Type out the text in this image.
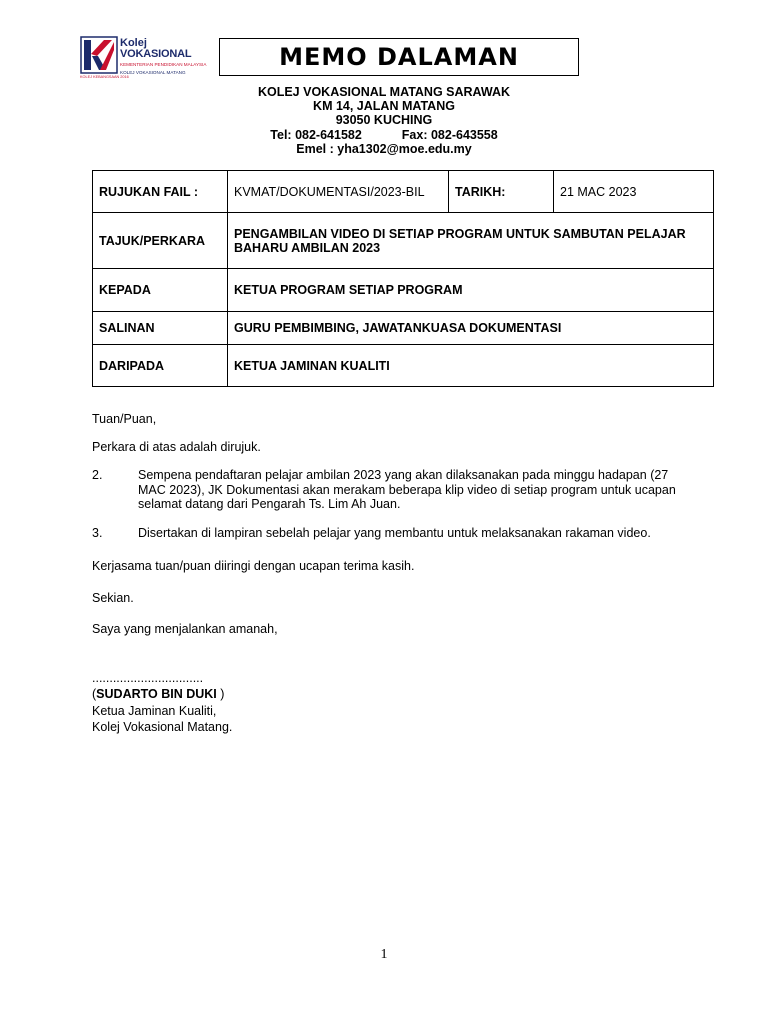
Kolej
VOKASIONAL
KEMENTERIAN PENDIDIKAN MALAYSIA
KOLEJ VOKASIONAL MATANG
KOLEJ KEBANGSAAN 2016
MEMO DALAMAN
KOLEJ VOKASIONAL MATANG SARAWAK
KM 14, JALAN MATANG
93050 KUCHING
Tel: 082-641582	Fax: 082-643558
Emel : yha1302@moe.edu.my
RUJUKAN FAIL :	KVMAT/DOKUMENTASI/2023-BIL	TARIKH:	21 MAC 2023
TAJUK/PERKARA	PENGAMBILAN VIDEO DI SETIAP PROGRAM UNTUK SAMBUTAN PELAJAR BAHARU AMBILAN 2023		
KEPADA	KETUA PROGRAM SETIAP PROGRAM		
SALINAN	GURU PEMBIMBING, JAWATANKUASA DOKUMENTASI		
DARIPADA	KETUA JAMINAN KUALITI		
Tuan/Puan,
Perkara di atas adalah dirujuk.
2.	Sempena pendaftaran pelajar ambilan 2023 yang akan dilaksanakan pada minggu hadapan (27 MAC 2023), JK Dokumentasi akan merakam beberapa klip video di setiap program untuk ucapan selamat datang dari Pengarah Ts. Lim Ah Juan.
3.	Disertakan di lampiran sebelah pelajar yang membantu untuk melaksanakan rakaman video.
Kerjasama tuan/puan diiringi dengan ucapan terima kasih.
Sekian.
Saya yang menjalankan amanah,
................................
(SUDARTO BIN DUKI )
Ketua Jaminan Kualiti,
Kolej Vokasional Matang.
1
